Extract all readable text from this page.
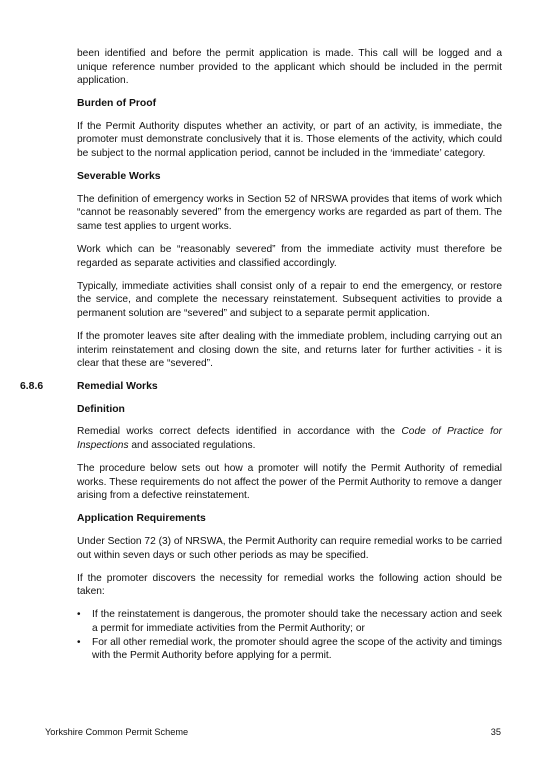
been identified and before the permit application is made. This call will be logged and a unique reference number provided to the applicant which should be included in the permit application.

Burden of Proof

If the Permit Authority disputes whether an activity, or part of an activity, is immediate, the promoter must demonstrate conclusively that it is. Those elements of the activity, which could be subject to the normal application period, cannot be included in the ‘immediate’ category.

Severable Works

The definition of emergency works in Section 52 of NRSWA provides that items of work which “cannot be reasonably severed” from the emergency works are regarded as part of them. The same test applies to urgent works.

Work which can be “reasonably severed” from the immediate activity must therefore be regarded as separate activities and classified accordingly.

Typically, immediate activities shall consist only of a repair to end the emergency, or restore the service, and complete the necessary reinstatement. Subsequent activities to provide a permanent solution are “severed” and subject to a separate permit application.

If the promoter leaves site after dealing with the immediate problem, including carrying out an interim reinstatement and closing down the site, and returns later for further activities - it is clear that these are “severed”.

6.8.6	Remedial Works
Definition

Remedial works correct defects identified in accordance with the Code of Practice for Inspections and associated regulations.

The procedure below sets out how a promoter will notify the Permit Authority of remedial works. These requirements do not affect the power of the Permit Authority to remove a danger arising from a defective reinstatement.

Application Requirements

Under Section 72 (3) of NRSWA, the Permit Authority can require remedial works to be carried out within seven days or such other periods as may be specified.

If the promoter discovers the necessity for remedial works the following action should be taken:

• If the reinstatement is dangerous, the promoter should take the necessary action and seek a permit for immediate activities from the Permit Authority; or
• For all other remedial work, the promoter should agree the scope of the activity and timings with the Permit Authority before applying for a permit.
Yorkshire Common Permit Scheme	35
